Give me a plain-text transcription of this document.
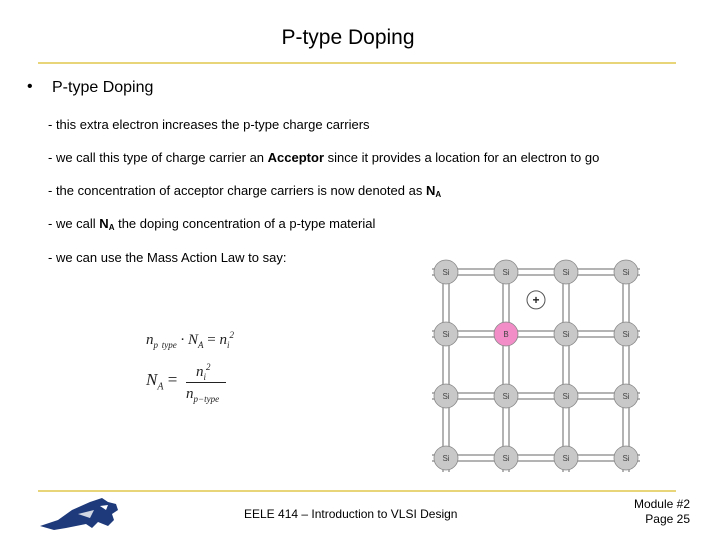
P-type Doping
• P-type Doping
- this extra electron increases the p-type charge carriers
- we call this type of charge carrier an Acceptor since it provides a location for an electron to go
- the concentration of acceptor charge carriers is now denoted as $N_A$
- we call $N_A$ the doping concentration of a p-type material
- we can use the Mass Action Law to say:
$n_p$ $_{type} \cdot N_A = n_i^2$
$N_A = n_i^2$
$n_{p-type}$
Si	Si	Si	Si
Si	B	Si	Si
Si	Si	Si	Si
Si	Si	Si	Si
+
EELE 414 – Introduction to VLSI Design
Module #2
Page 25
